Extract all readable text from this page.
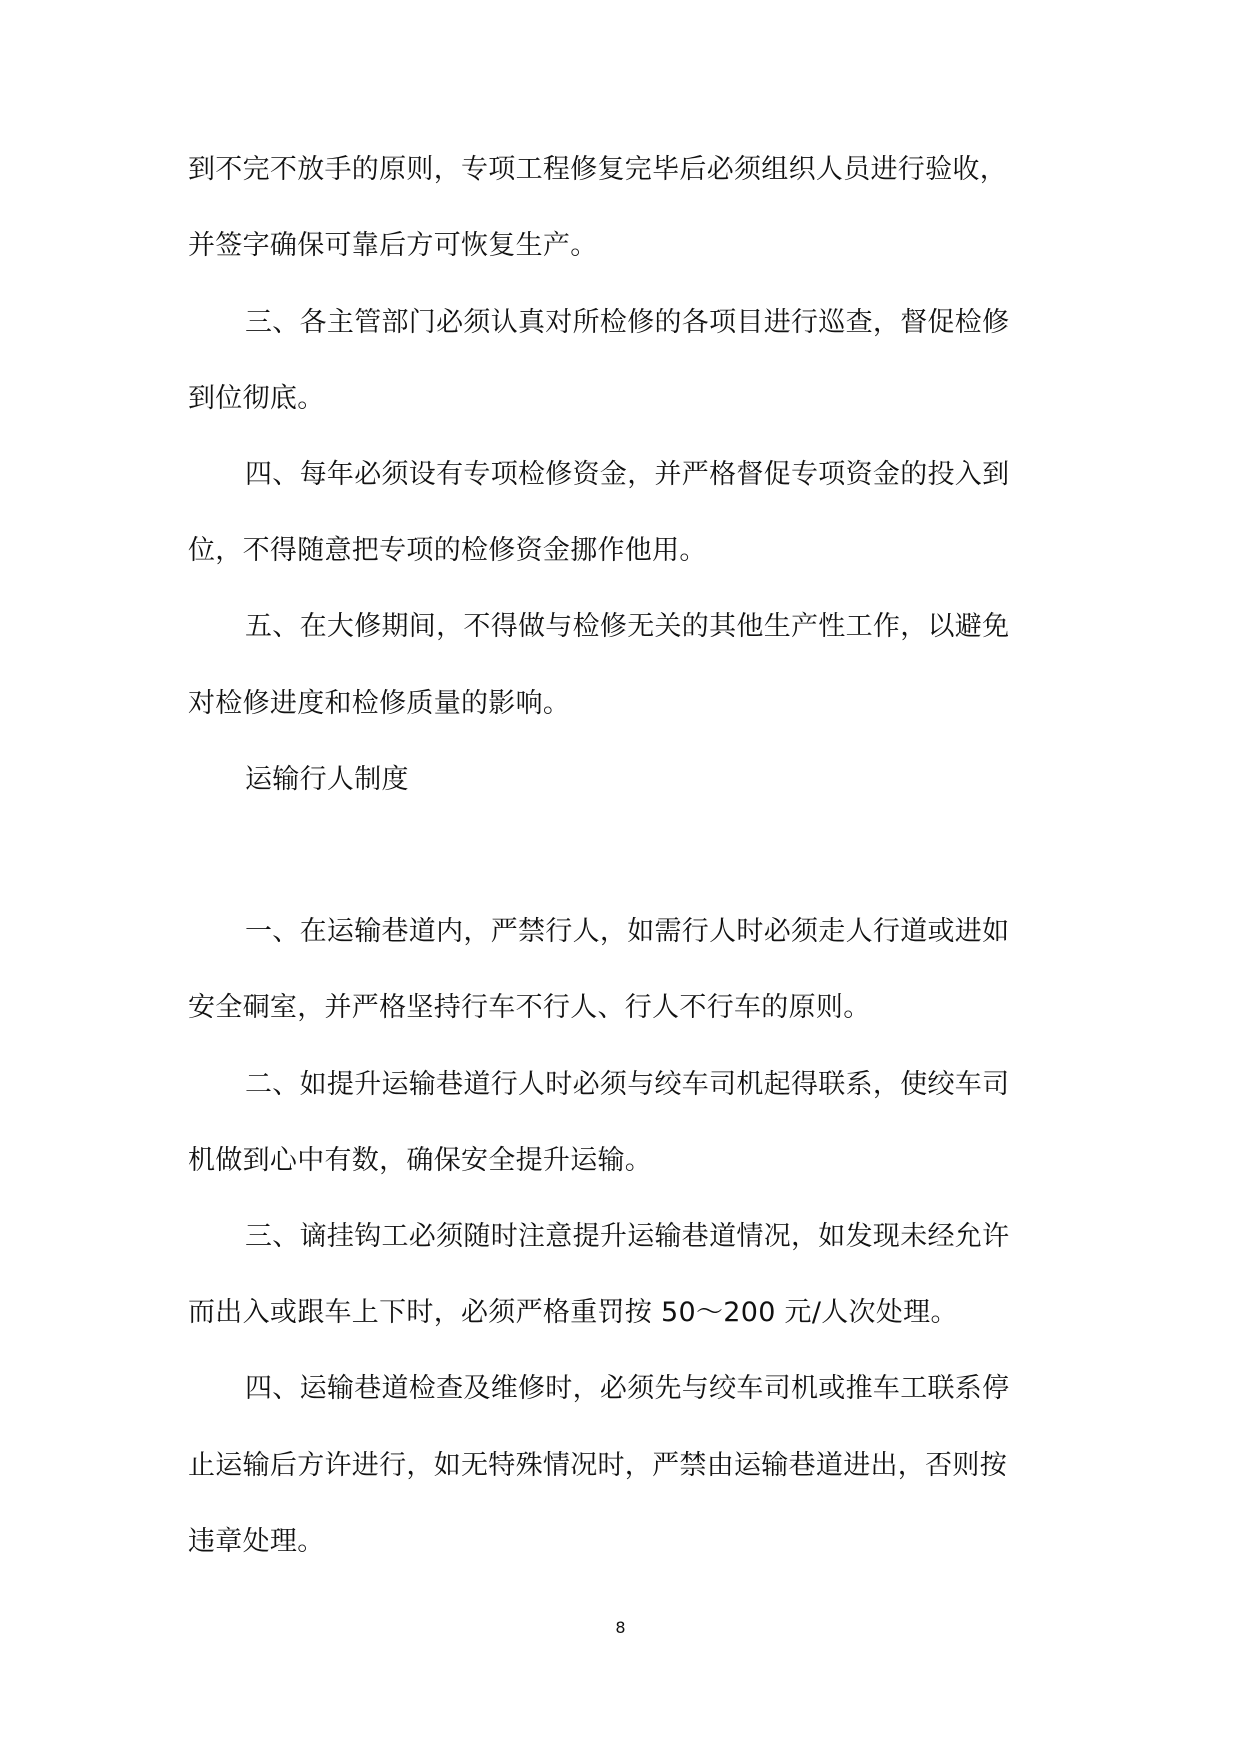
到不完不放手的原则，专项工程修复完毕后必须组织人员进行验收，
并签字确保可靠后方可恢复生产。
三、各主管部门必须认真对所检修的各项目进行巡查，督促检修
到位彻底。
四、每年必须设有专项检修资金，并严格督促专项资金的投入到
位，不得随意把专项的检修资金挪作他用。
五、在大修期间，不得做与检修无关的其他生产性工作，以避免
对检修进度和检修质量的影响。
运输行人制度
一、在运输巷道内，严禁行人，如需行人时必须走人行道或进如
安全硐室，并严格坚持行车不行人、行人不行车的原则。
二、如提升运输巷道行人时必须与绞车司机起得联系，使绞车司
机做到心中有数，确保安全提升运输。
三、谪挂钩工必须随时注意提升运输巷道情况，如发现未经允许
而出入或跟车上下时，必须严格重罚按 50～200 元/人次处理。
四、运输巷道检查及维修时，必须先与绞车司机或推车工联系停
止运输后方许进行，如无特殊情况时，严禁由运输巷道进出，否则按
违章处理。
8
